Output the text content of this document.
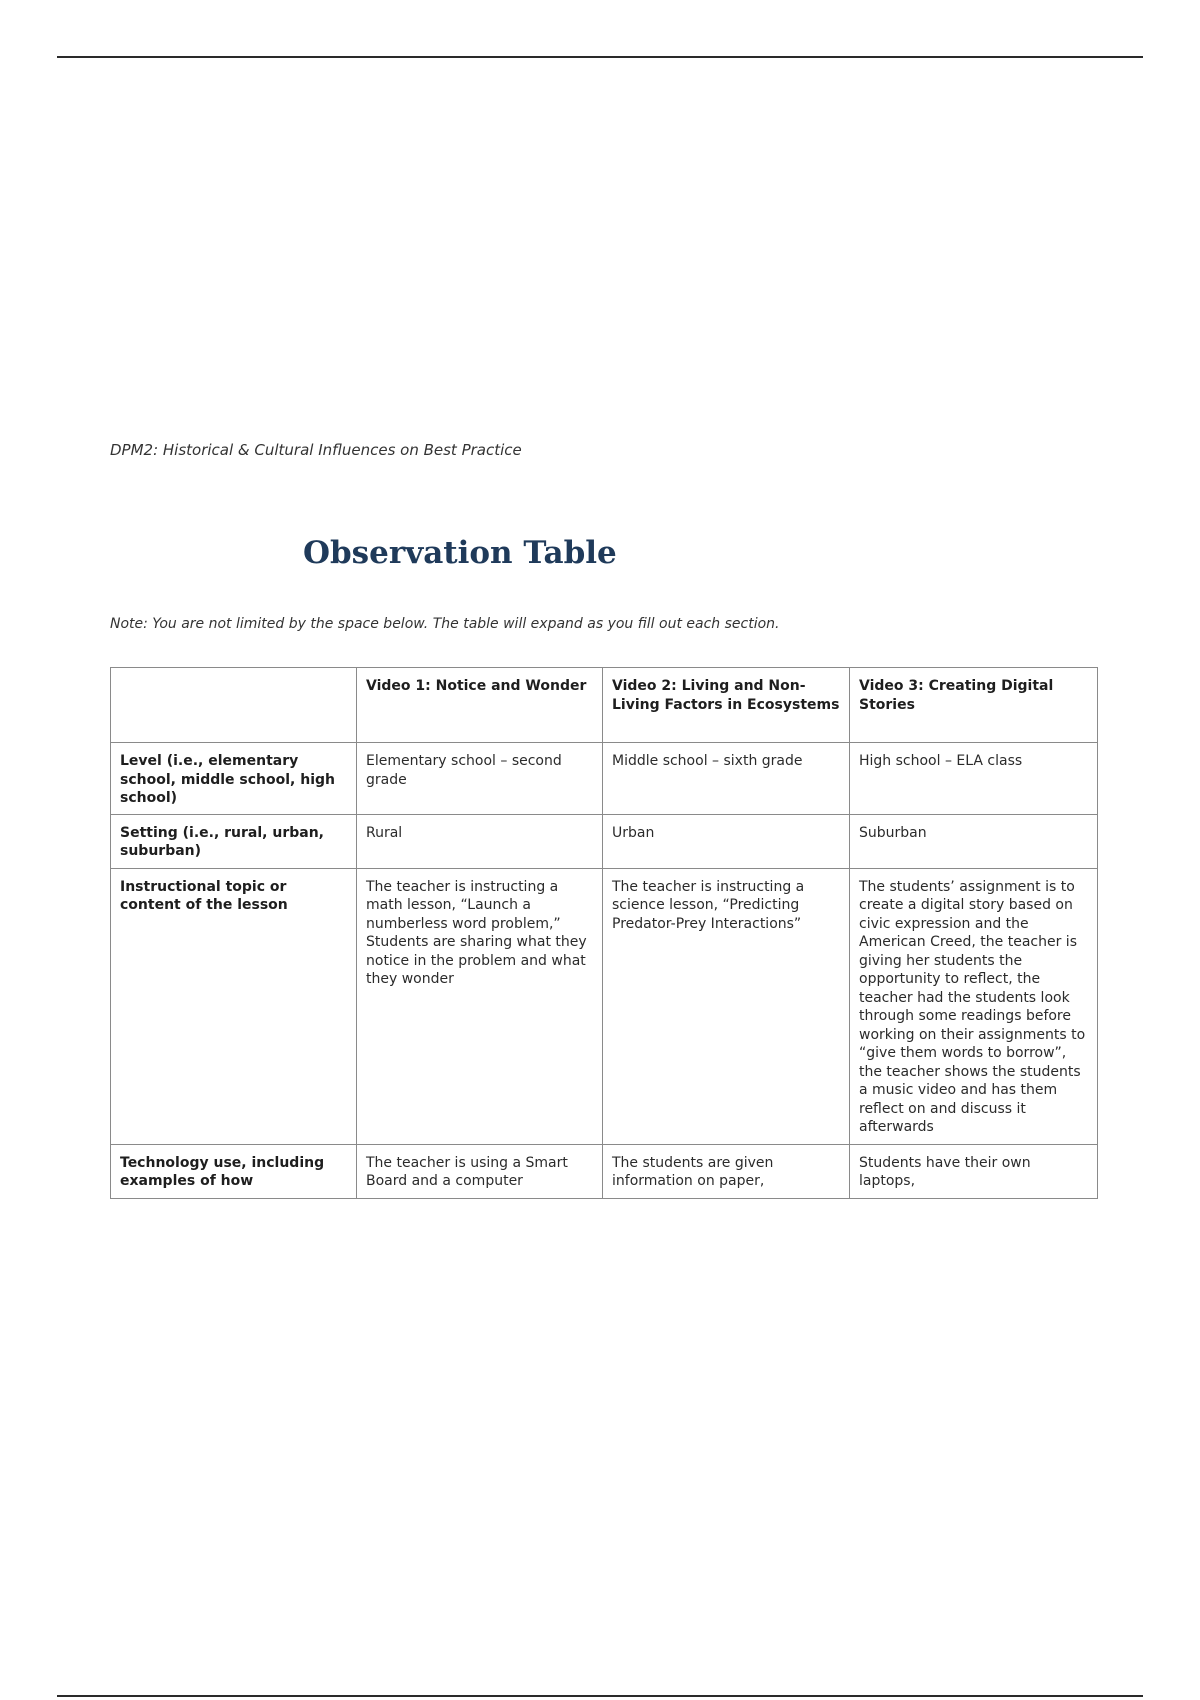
DPM2: Historical & Cultural Influences on Best Practice
Observation Table
Note: You are not limited by the space below. The table will expand as you fill out each section.
	Video 1: Notice and Wonder	Video 2: Living and Non-Living Factors in Ecosystems	Video 3: Creating Digital Stories
Level (i.e., elementary school, middle school, high school)	Elementary school – second grade	Middle school – sixth grade	High school – ELA class
Setting (i.e., rural, urban, suburban)	Rural	Urban	Suburban
Instructional topic or content of the lesson	The teacher is instructing a math lesson, “Launch a numberless word problem,” Students are sharing what they notice in the problem and what they wonder	The teacher is instructing a science lesson, “Predicting Predator-Prey Interactions”	The students’ assignment is to create a digital story based on civic expression and the American Creed, the teacher is giving her students the opportunity to reflect, the teacher had the students look through some readings before working on their assignments to “give them words to borrow”, the teacher shows the students a music video and has them reflect on and discuss it afterwards
Technology use, including examples of how	The teacher is using a Smart Board and a computer	The students are given information on paper,	Students have their own laptops,
